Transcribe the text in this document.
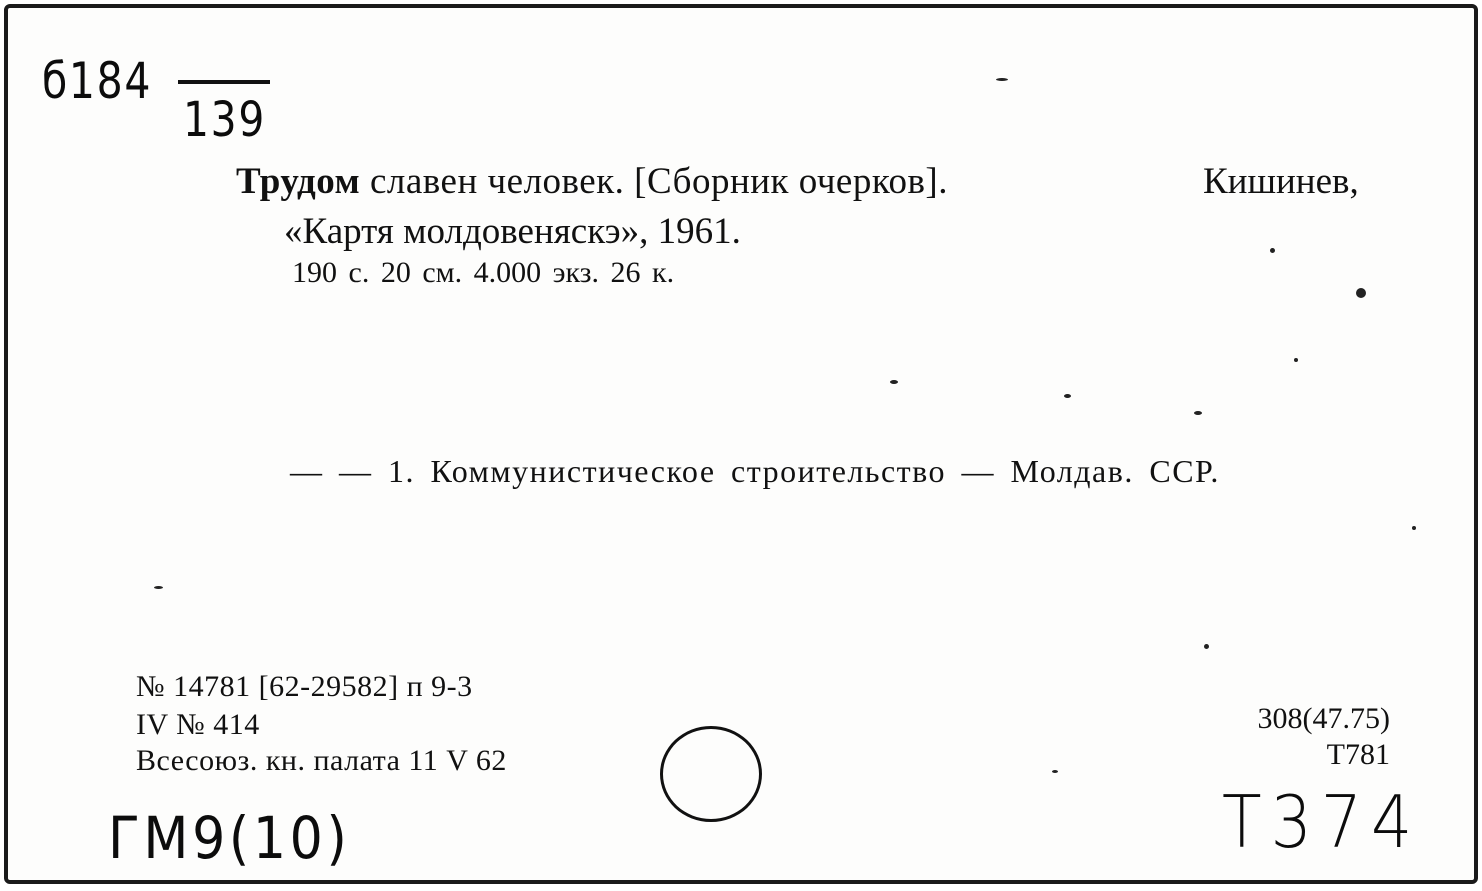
б184
139
Трудом славен человек. [Сборник очерков].	Кишинев,
«Картя молдовеняскэ», 1961.
190 с. 20 см. 4.000 экз. 26 к.
— — 1. Коммунистическое строительство — Молдав. ССР.
№ 14781 [62-29582] п 9-3
IV № 414
Всесоюз. кн. палата 11 V 62
308(47.75)
Т781
ГМ9(10)	Т374
